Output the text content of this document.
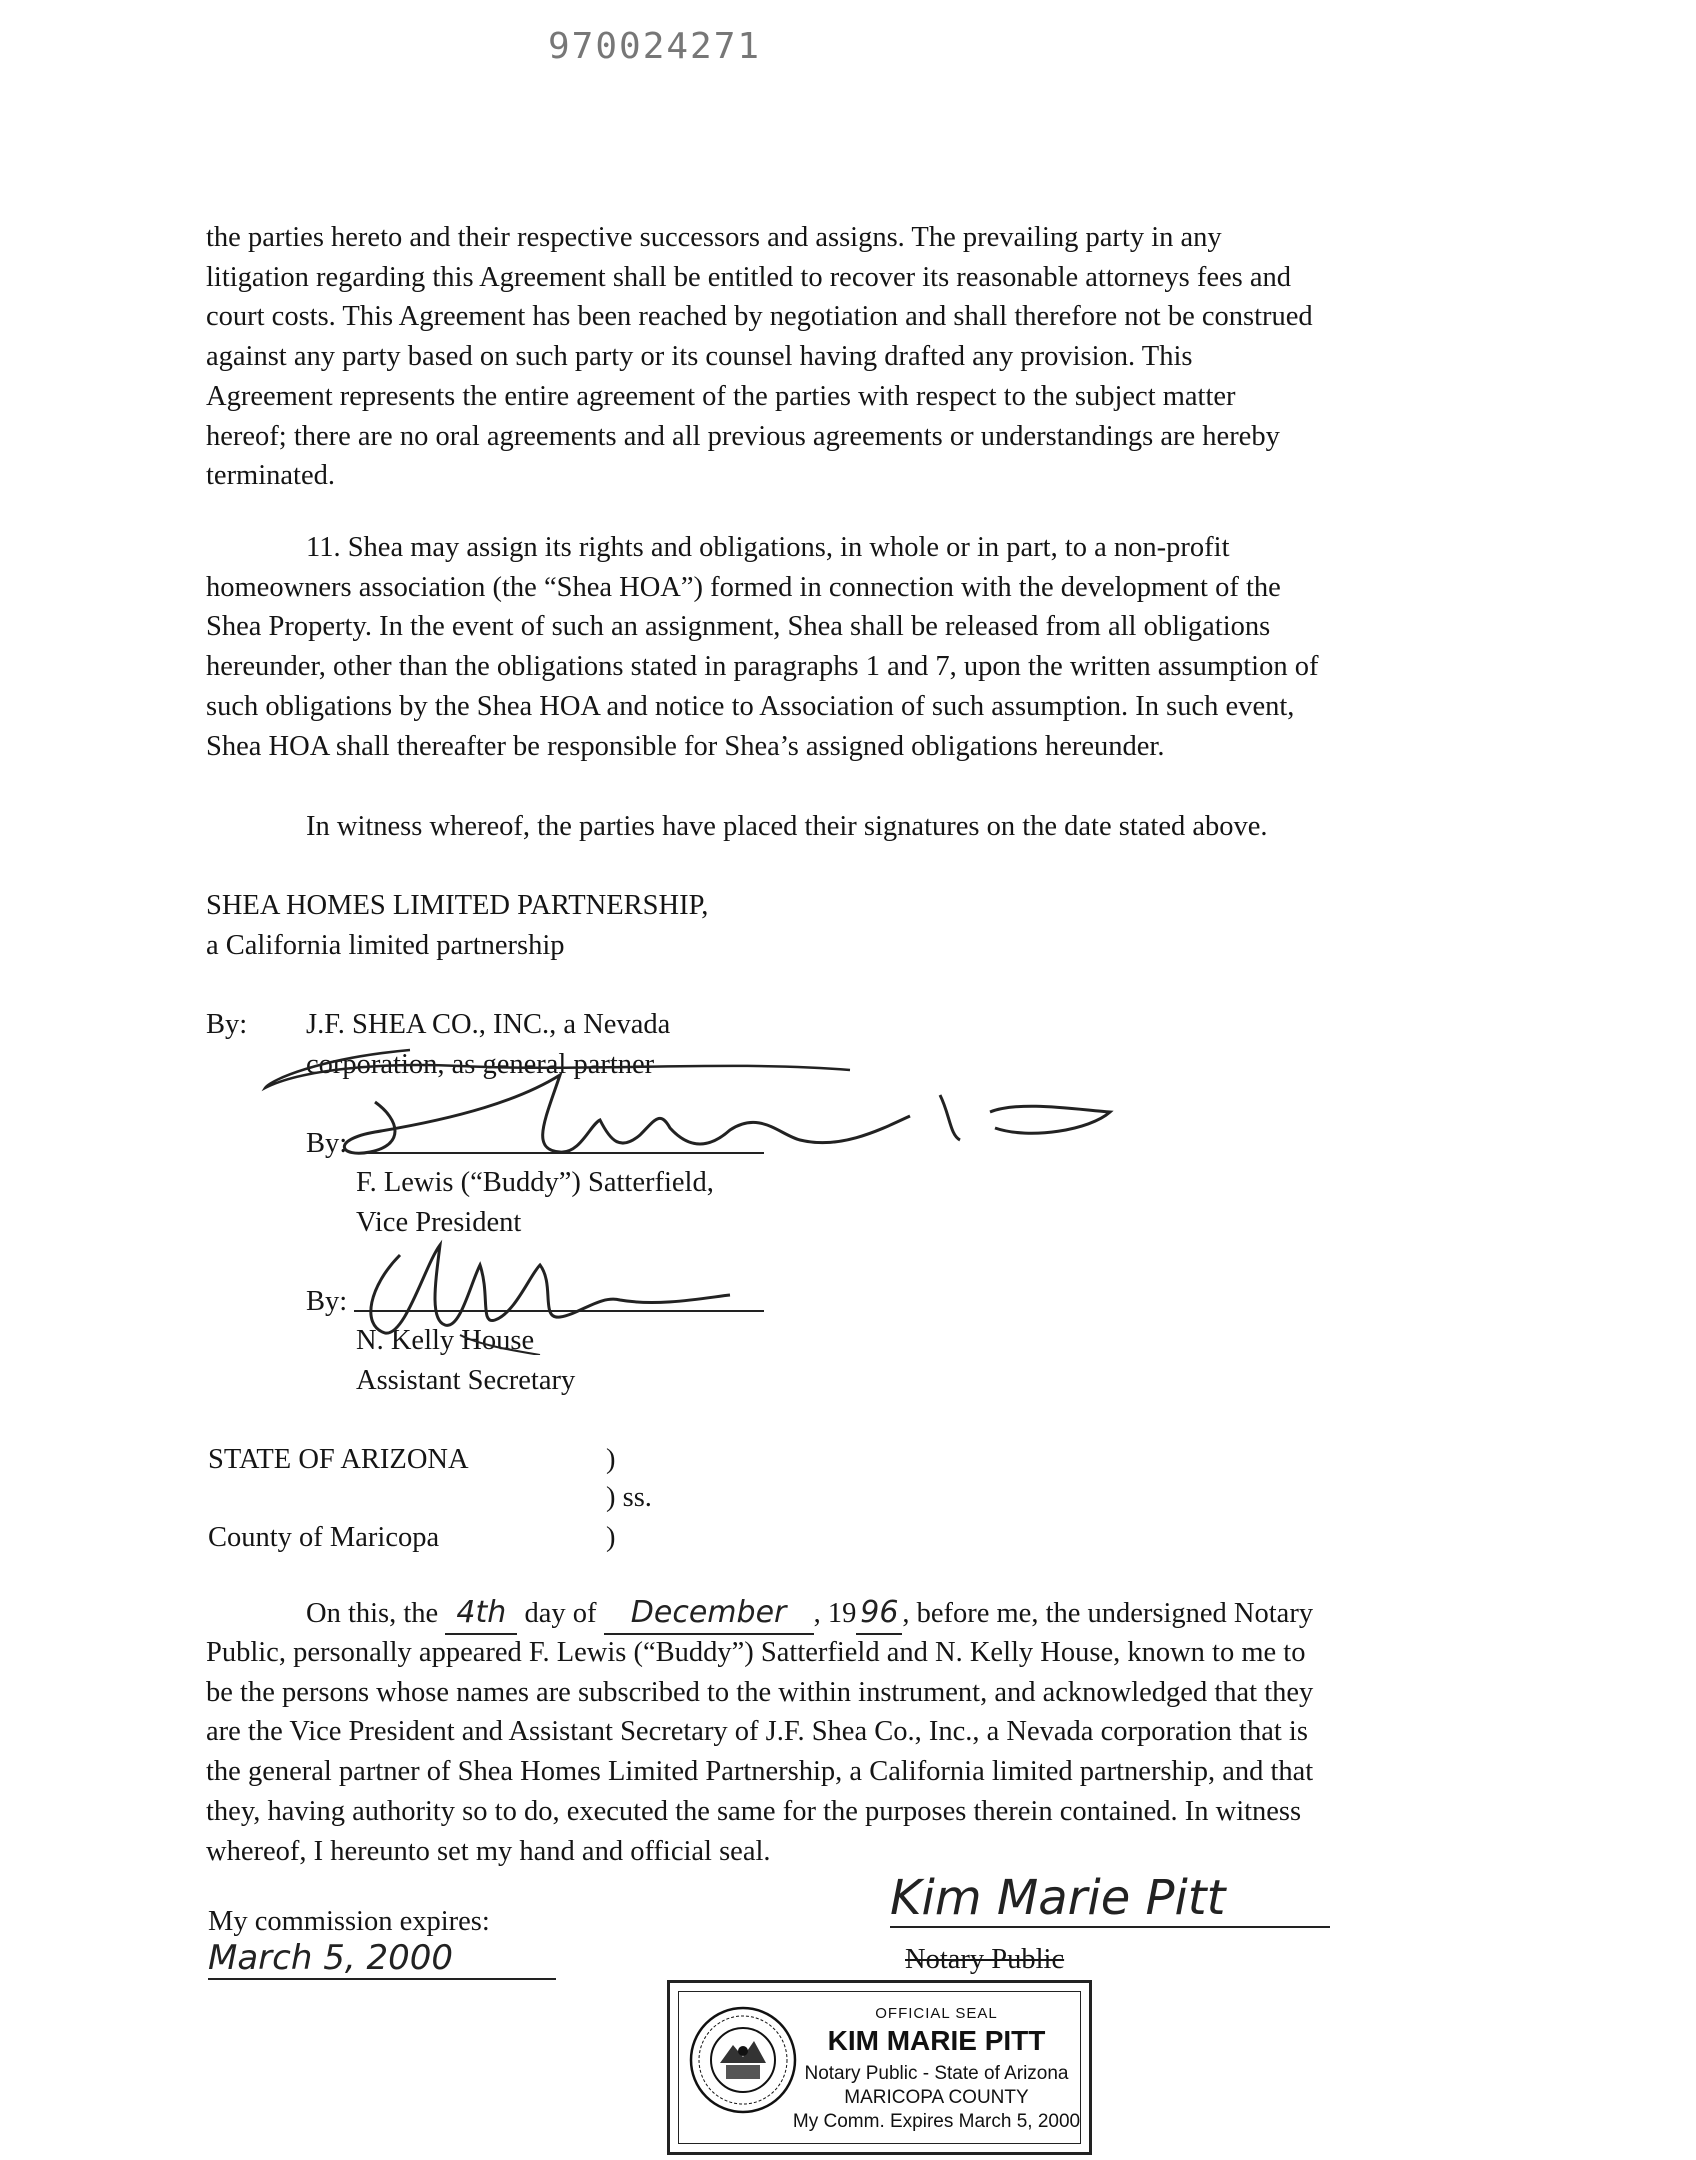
970024271
the parties hereto and their respective successors and assigns. The prevailing party in any
litigation regarding this Agreement shall be entitled to recover its reasonable attorneys fees and
court costs. This Agreement has been reached by negotiation and shall therefore not be construed
against any party based on such party or its counsel having drafted any provision. This
Agreement represents the entire agreement of the parties with respect to the subject matter
hereof; there are no oral agreements and all previous agreements or understandings are hereby
terminated.
11. Shea may assign its rights and obligations, in whole or in part, to a non-profit
homeowners association (the “Shea HOA”) formed in connection with the development of the
Shea Property. In the event of such an assignment, Shea shall be released from all obligations
hereunder, other than the obligations stated in paragraphs 1 and 7, upon the written assumption of
such obligations by the Shea HOA and notice to Association of such assumption. In such event,
Shea HOA shall thereafter be responsible for Shea’s assigned obligations hereunder.
In witness whereof, the parties have placed their signatures on the date stated above.
SHEA HOMES LIMITED PARTNERSHIP,
a California limited partnership
By: J.F. SHEA CO., INC., a Nevada
corporation, as general partner
By:
F. Lewis (“Buddy”) Satterfield,
Vice President
By:
N. Kelly House
Assistant Secretary
STATE OF ARIZONA	)
) ss.
County of Maricopa	)
On this, the 4th day of December , 19 96 , before me, the undersigned Notary
Public, personally appeared F. Lewis (“Buddy”) Satterfield and N. Kelly House, known to me to
be the persons whose names are subscribed to the within instrument, and acknowledged that they
are the Vice President and Assistant Secretary of J.F. Shea Co., Inc., a Nevada corporation that is
the general partner of Shea Homes Limited Partnership, a California limited partnership, and that
they, having authority so to do, executed the same for the purposes therein contained. In witness
whereof, I hereunto set my hand and official seal.
My commission expires:
March 5, 2000
Kim Marie Pitt
Notary Public
OFFICIAL SEAL
KIM MARIE PITT
Notary Public - State of Arizona
MARICOPA COUNTY
My Comm. Expires March 5, 2000
